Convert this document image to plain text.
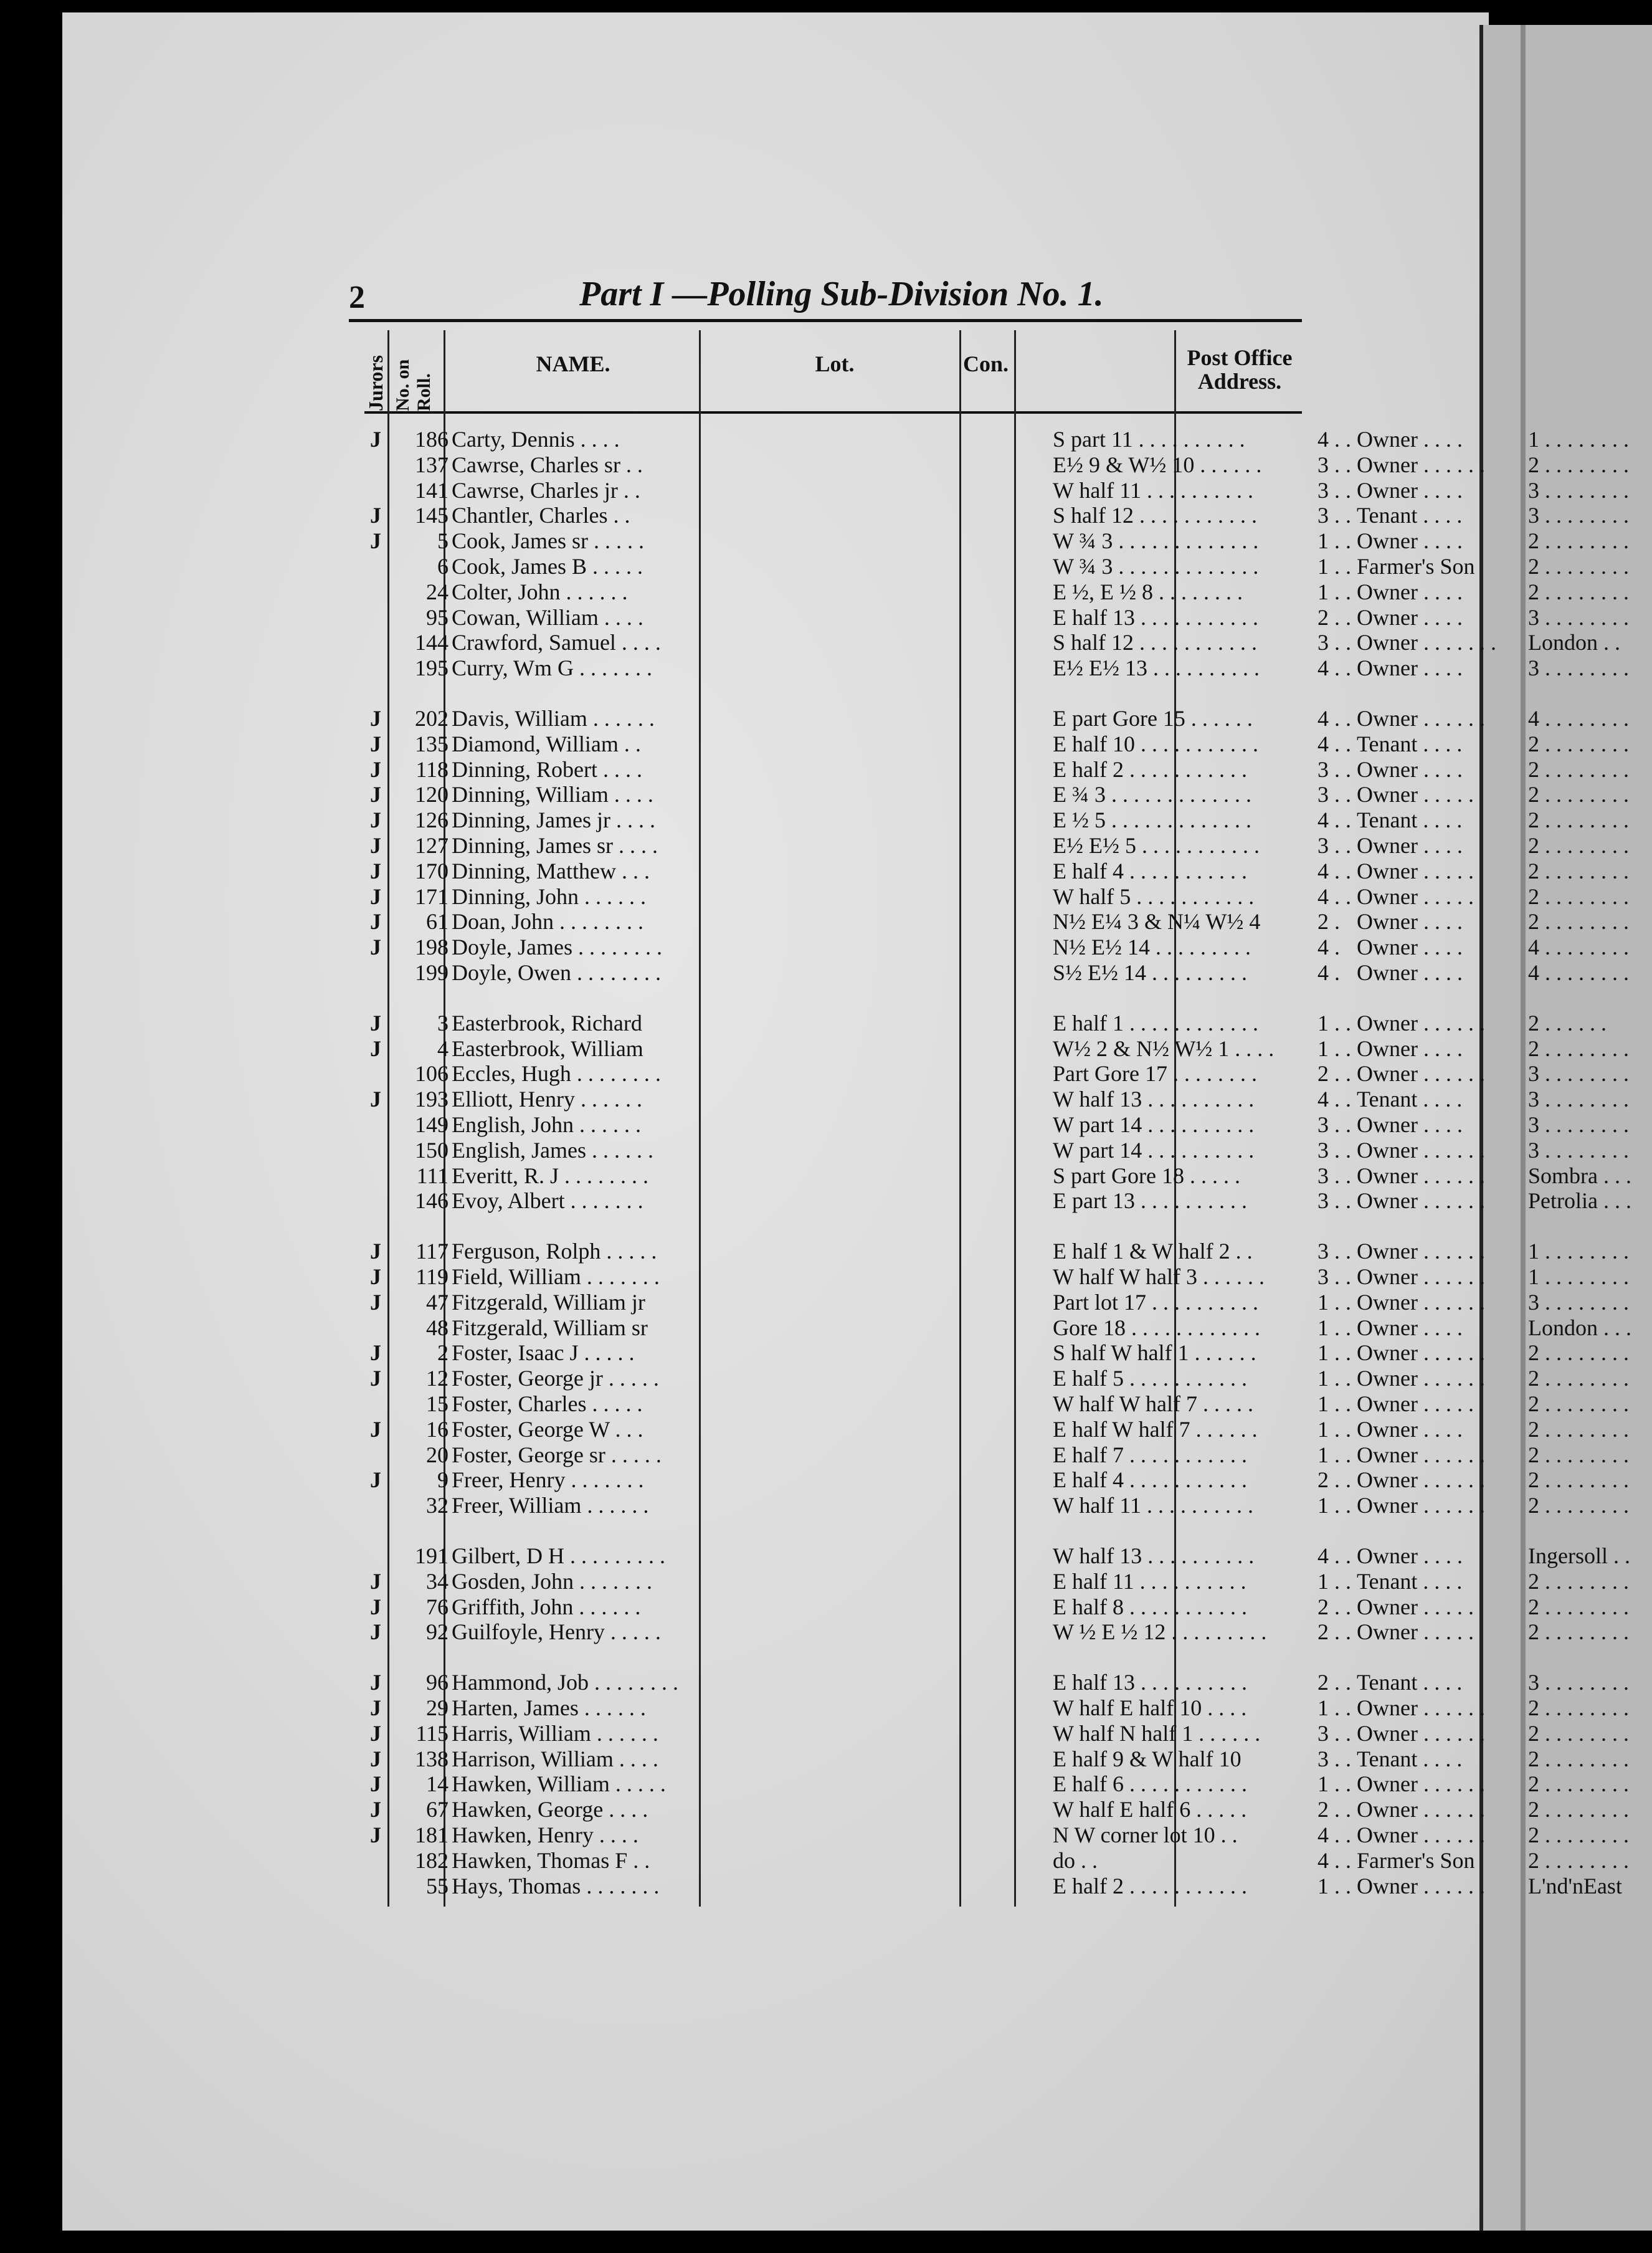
2	Part I —Polling Sub-Division No. 1.
Jurors No. on Roll.
NAME.	Lot.	Con.	Post Office Address.
J	186 Carty, Dennis . . . .	S part 11 . . . . . . . . . .	4 . . Owner . . . .	1 . . . . . . . .
137 Cawrse, Charles sr . .	E½ 9 & W½ 10 . . . . . .	3 . . Owner . . . . . .	2 . . . . . . . .
141 Cawrse, Charles jr . .	W half 11 . . . . . . . . . .	3 . . Owner . . . .	3 . . . . . . . .
J	145 Chantler, Charles . .	S half 12 . . . . . . . . . . .	3 . . Tenant . . . .	3 . . . . . . . .
J	5 Cook, James sr . . . . .	W ¾ 3 . . . . . . . . . . . . .	1 . . Owner . . . .	2 . . . . . . . .
6 Cook, James B . . . . .	W ¾ 3 . . . . . . . . . . . . .	1 . . Farmer's Son	2 . . . . . . . .
24 Colter, John . . . . . .	E ½, E ½ 8 . . . . . . . .	1 . . Owner . . . .	2 . . . . . . . .
95 Cowan, William . . . .	E half 13 . . . . . . . . . . .	2 . . Owner . . . .	3 . . . . . . . .
144 Crawford, Samuel . . . .	S half 12 . . . . . . . . . . .	3 . . Owner . . . . . . .	London . .
195 Curry, Wm G . . . . . . .	E½ E½ 13 . . . . . . . . . .	4 . . Owner . . . .	3 . . . . . . . .
J	202 Davis, William . . . . . .	E part Gore 15 . . . . . .	4 . . Owner . . . . . .	4 . . . . . . . .
J	135 Diamond, William . .	E half 10 . . . . . . . . . . .	4 . . Tenant . . . .	2 . . . . . . . .
J	118 Dinning, Robert . . . .	E half 2 . . . . . . . . . . .	3 . . Owner . . . .	2 . . . . . . . .
J	120 Dinning, William . . . .	E ¾ 3 . . . . . . . . . . . . .	3 . . Owner . . . . .	2 . . . . . . . .
J	126 Dinning, James jr . . . .	E ½ 5 . . . . . . . . . . . . .	4 . . Tenant . . . .	2 . . . . . . . .
J	127 Dinning, James sr . . . .	E½ E½ 5 . . . . . . . . . . .	3 . . Owner . . . .	2 . . . . . . . .
J	170 Dinning, Matthew . . .	E half 4 . . . . . . . . . . .	4 . . Owner . . . . .	2 . . . . . . . .
J	171 Dinning, John . . . . . .	W half 5 . . . . . . . . . . .	4 . . Owner . . . . .	2 . . . . . . . .
J	61 Doan, John . . . . . . . .	N½ E¼ 3 & N¼ W½ 4	2 . Owner . . . .	2 . . . . . . . .
J	198 Doyle, James . . . . . . . .	N½ E½ 14 . . . . . . . . .	4 . Owner . . . .	4 . . . . . . . .
199 Doyle, Owen . . . . . . . .	S½ E½ 14 . . . . . . . . .	4 . Owner . . . .	4 . . . . . . . .
J	3 Easterbrook, Richard	E half 1 . . . . . . . . . . . .	1 . . Owner . . . . . .	2 . . . . . .
J	4 Easterbrook, William	W½ 2 & N½ W½ 1 . . . .	1 . . Owner . . . .	2 . . . . . . . .
106 Eccles, Hugh . . . . . . . .	Part Gore 17 . . . . . . . .	2 . . Owner . . . . . .	3 . . . . . . . .
J	193 Elliott, Henry . . . . . .	W half 13 . . . . . . . . . .	4 . . Tenant . . . .	3 . . . . . . . .
149 English, John . . . . . .	W part 14 . . . . . . . . . .	3 . . Owner . . . .	3 . . . . . . . .
150 English, James . . . . . .	W part 14 . . . . . . . . . .	3 . . Owner . . . . . .	3 . . . . . . . .
111 Everitt, R. J . . . . . . . .	S part Gore 18 . . . . .	3 . . Owner . . . . . .	Sombra . . .
146 Evoy, Albert . . . . . . .	E part 13 . . . . . . . . . .	3 . . Owner . . . . . .	Petrolia . . .
J	117 Ferguson, Rolph . . . . .	E half 1 & W half 2 . .	3 . . Owner . . . . . .	1 . . . . . . . .
J	119 Field, William . . . . . . .	W half W half 3 . . . . . .	3 . . Owner . . . . . .	1 . . . . . . . .
J	47 Fitzgerald, William jr	Part lot 17 . . . . . . . . . .	1 . . Owner . . . . . .	3 . . . . . . . .
48 Fitzgerald, William sr	Gore 18 . . . . . . . . . . . .	1 . . Owner . . . .	London . . .
J	2 Foster, Isaac J . . . . .	S half W half 1 . . . . . .	1 . . Owner . . . . . .	2 . . . . . . . .
J	12 Foster, George jr . . . . .	E half 5 . . . . . . . . . . .	1 . . Owner . . . . . .	2 . . . . . . . .
15 Foster, Charles . . . . .	W half W half 7 . . . . .	1 . . Owner . . . . .	2 . . . . . . . .
J	16 Foster, George W . . .	E half W half 7 . . . . . .	1 . . Owner . . . .	2 . . . . . . . .
20 Foster, George sr . . . . .	E half 7 . . . . . . . . . . .	1 . . Owner . . . . . .	2 . . . . . . . .
J	9 Freer, Henry . . . . . . .	E half 4 . . . . . . . . . . .	2 . . Owner . . . . . .	2 . . . . . . . .
32 Freer, William . . . . . .	W half 11 . . . . . . . . . .	1 . . Owner . . . . . .	2 . . . . . . . .
191 Gilbert, D H . . . . . . . . .	W half 13 . . . . . . . . . .	4 . . Owner . . . .	Ingersoll . .
J	34 Gosden, John . . . . . . .	E half 11 . . . . . . . . . .	1 . . Tenant . . . .	2 . . . . . . . .
J	76 Griffith, John . . . . . .	E half 8 . . . . . . . . . . .	2 . . Owner . . . . .	2 . . . . . . . .
J	92 Guilfoyle, Henry . . . . .	W ½ E ½ 12 . . . . . . . . .	2 . . Owner . . . . .	2 . . . . . . . .
J	96 Hammond, Job . . . . . . . .	E half 13 . . . . . . . . . .	2 . . Tenant . . . .	3 . . . . . . . .
J	29 Harten, James . . . . . .	W half E half 10 . . . .	1 . . Owner . . . . . .	2 . . . . . . . .
J	115 Harris, William . . . . . .	W half N half 1 . . . . . .	3 . . Owner . . . . . .	2 . . . . . . . .
J	138 Harrison, William . . . .	E half 9 & W half 10	3 . . Tenant . . . .	2 . . . . . . . .
J	14 Hawken, William . . . . .	E half 6 . . . . . . . . . . .	1 . . Owner . . . . . .	2 . . . . . . . .
J	67 Hawken, George . . . .	W half E half 6 . . . . .	2 . . Owner . . . . . .	2 . . . . . . . .
J	181 Hawken, Henry . . . .	N W corner lot 10 . .	4 . . Owner . . . . . .	2 . . . . . . . .
182 Hawken, Thomas F . .	do . .	4 . . Farmer's Son	2 . . . . . . . .
55 Hays, Thomas . . . . . . .	E half 2 . . . . . . . . . . .	1 . . Owner . . . . . .	L'nd'nEast
